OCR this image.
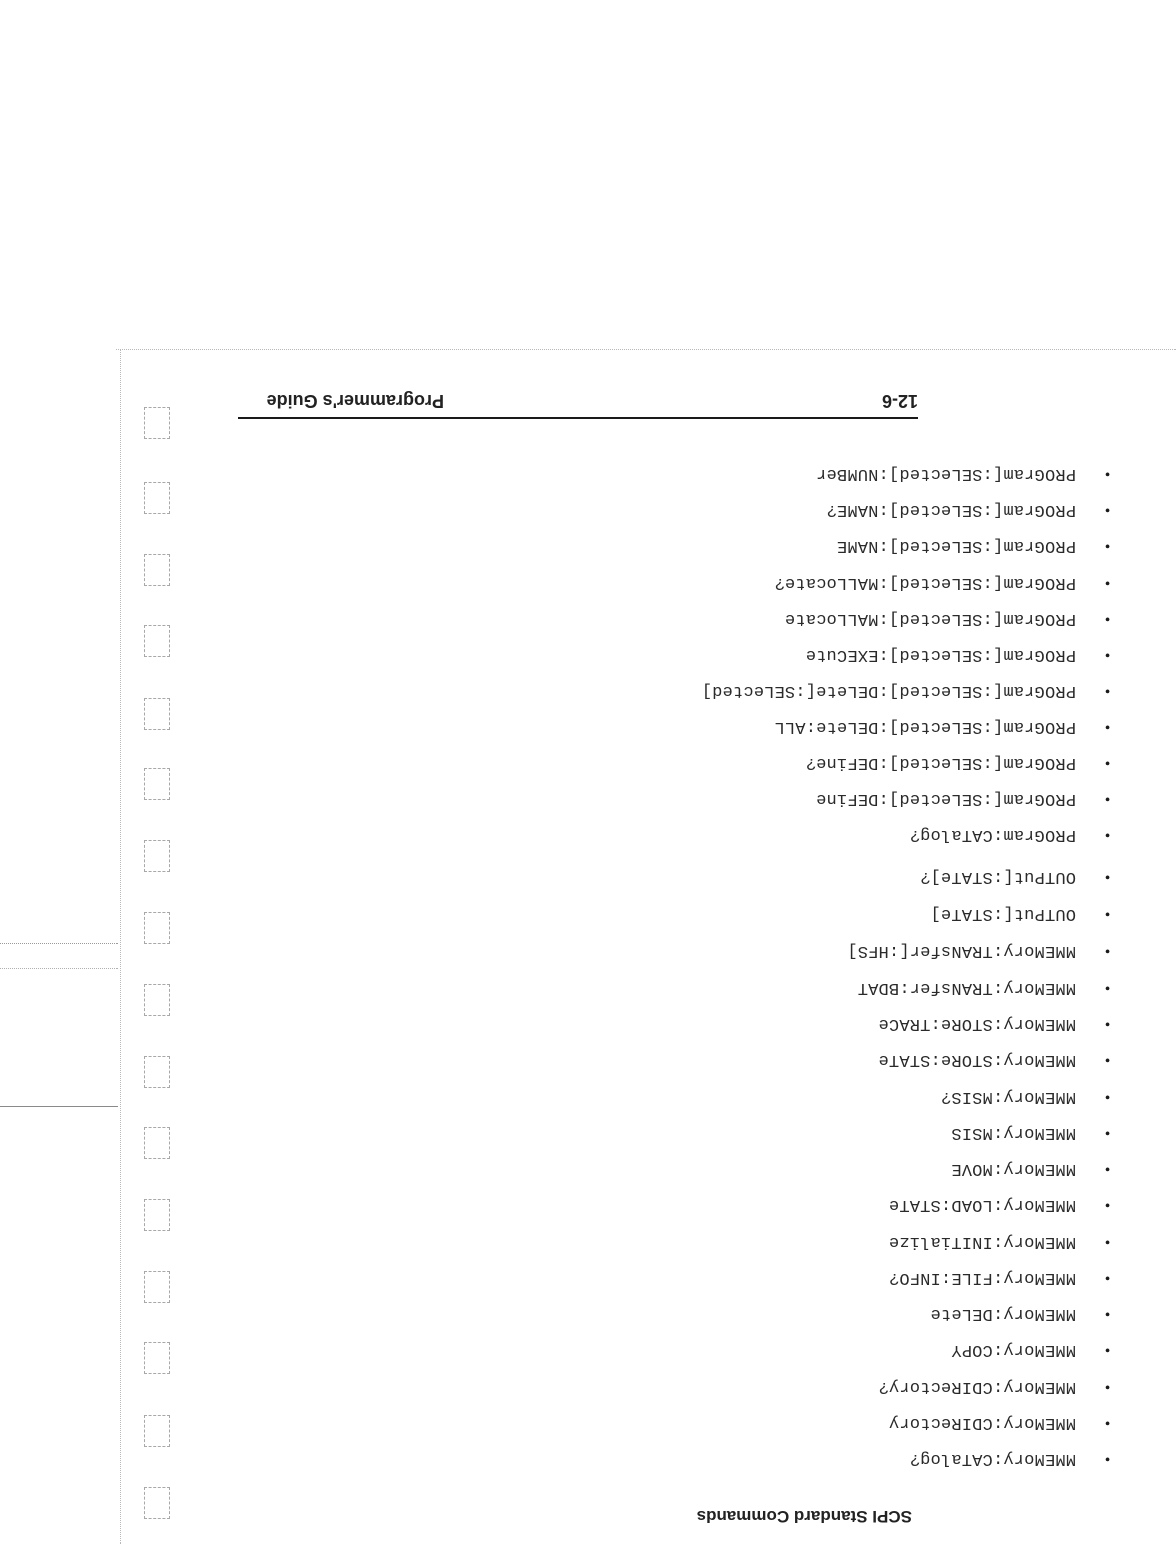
SCPI Standard Commands
•MMEMory:CATalog?
•MMEMory:CDIRectory
•MMEMory:CDIRectory?
•MMEMory:COPY
•MMEMory:DELete
•MMEMory:FILE:INFO?
•MMEMory:INITialize
•MMEMory:LOAD:STATe
•MMEMory:MOVE
•MMEMory:MSIS
•MMEMory:MSIS?
•MMEMory:STORe:STATe
•MMEMory:STORe:TRACe
•MMEMory:TRANsfer:BDAT
•MMEMory:TRANsfer[:HFS]
•OUTPut[:STATe]
•OUTPut[:STATe]?
•PROGram:CATalog?
•PROGram[:SELected]:DEFine
•PROGram[:SELected]:DEFine?
•PROGram[:SELected]:DELete:ALL
•PROGram[:SELected]:DELete[:SELected]
•PROGram[:SELected]:EXECute
•PROGram[:SELected]:MALLocate
•PROGram[:SELected]:MALLocate?
•PROGram[:SELected]:NAME
•PROGram[:SELected]:NAME?
•PROGram[:SELected]:NUMBer
12-6
Programmer's Guide
